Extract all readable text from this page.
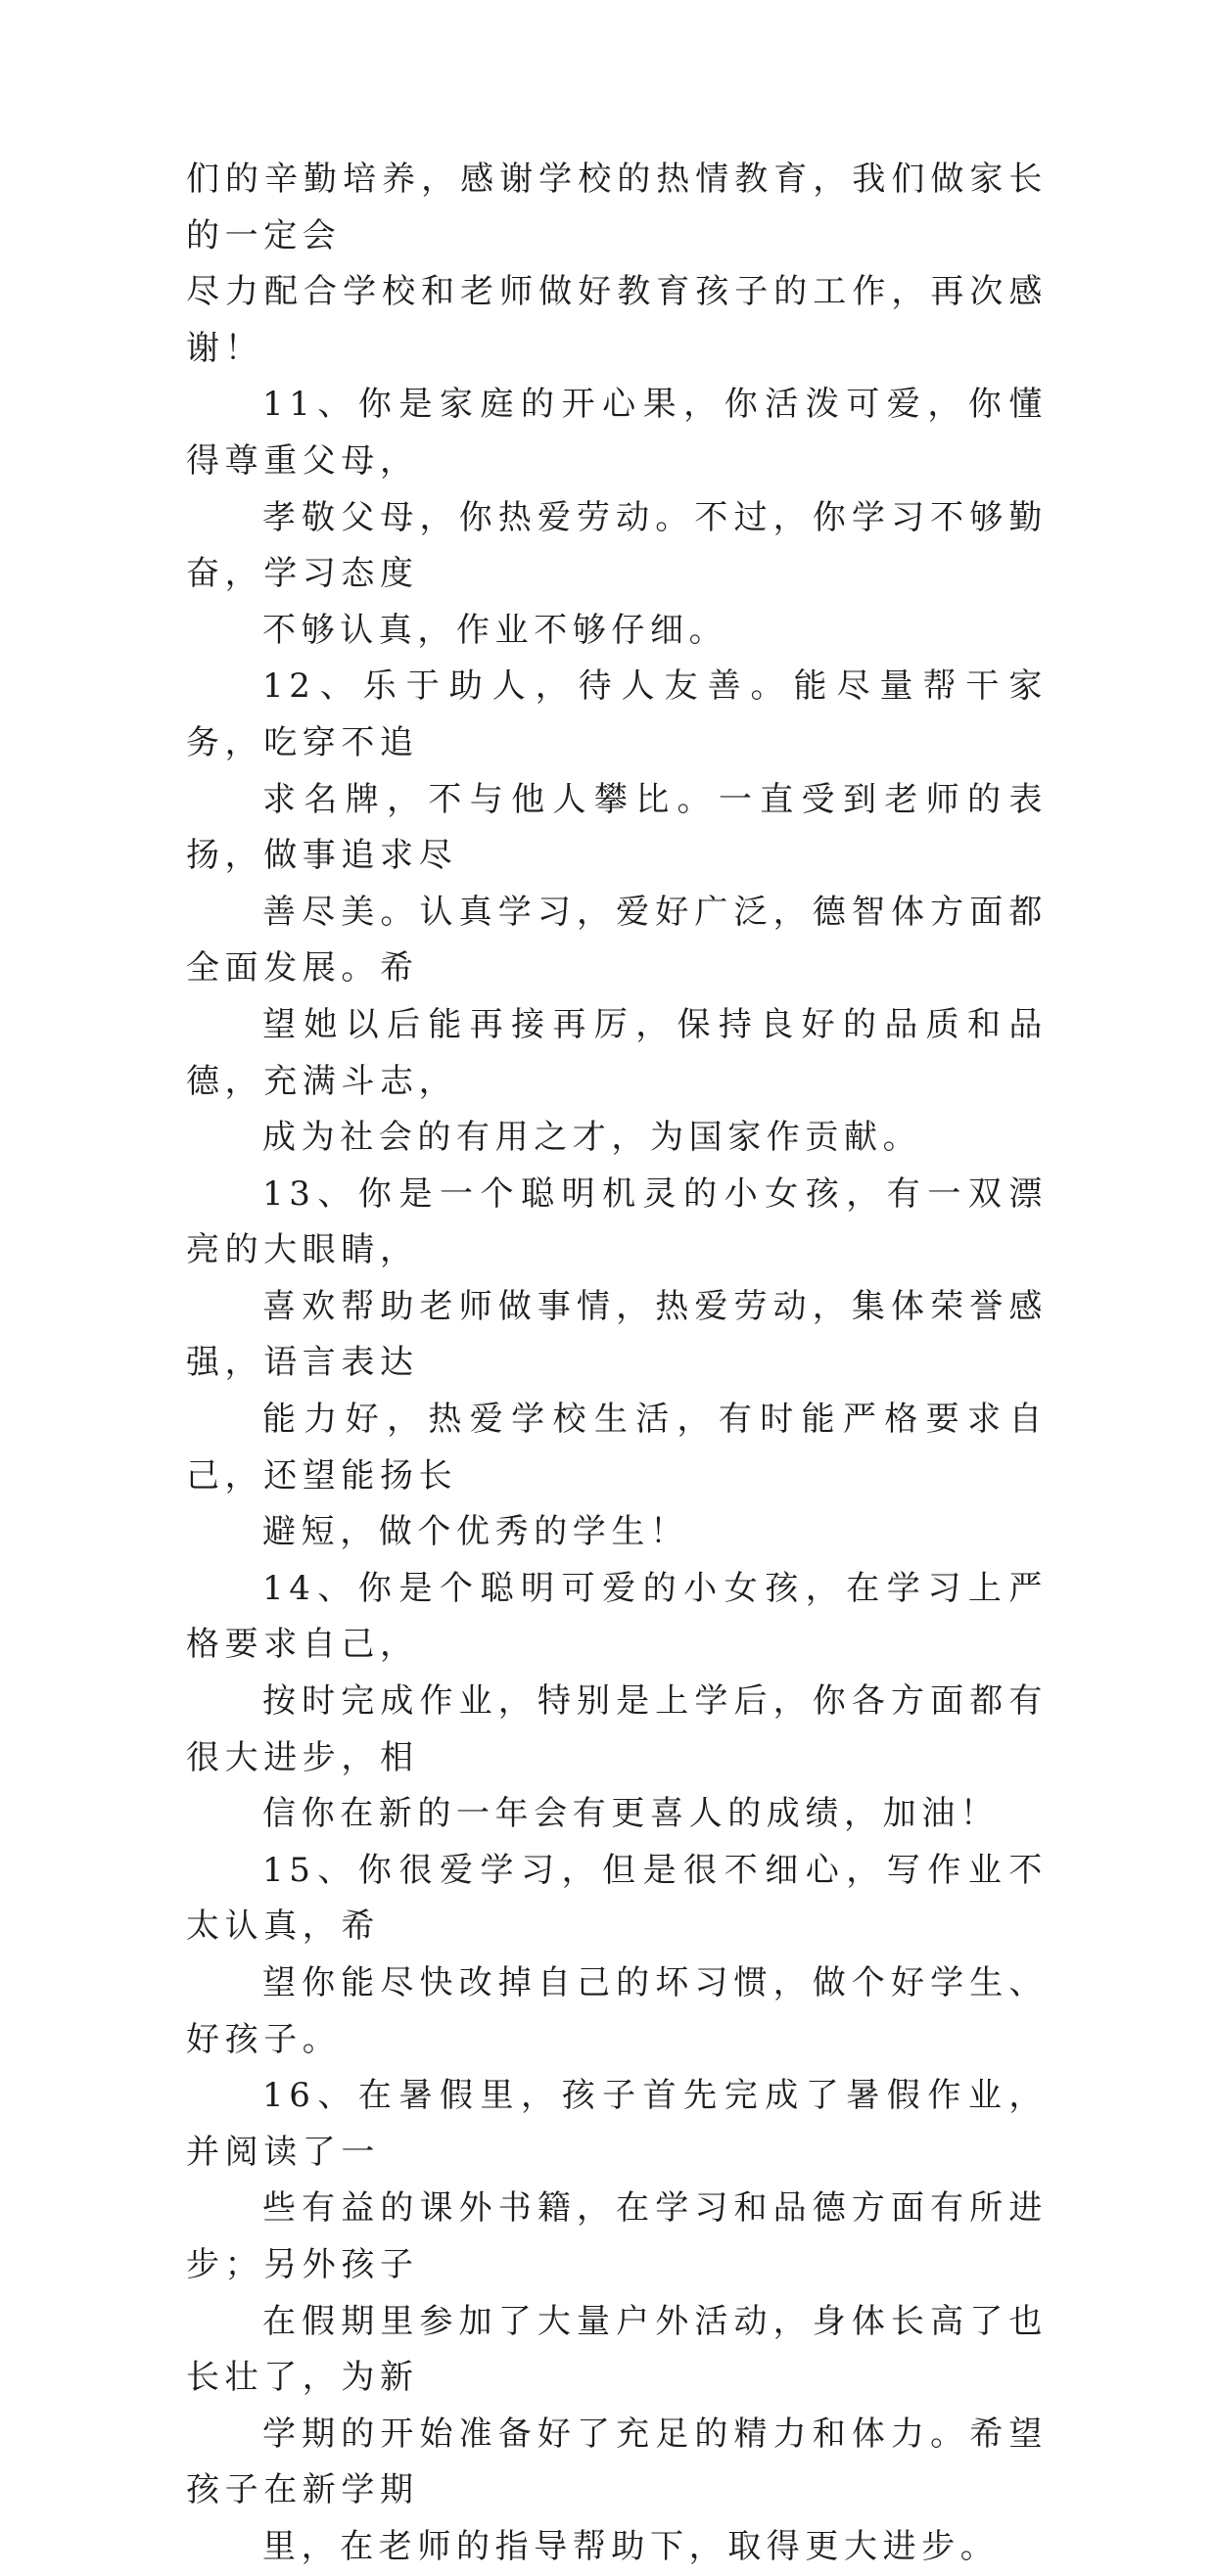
们的辛勤培养，感谢学校的热情教育，我们做家长的一定会
尽力配合学校和老师做好教育孩子的工作，再次感谢！

11、你是家庭的开心果，你活泼可爱，你懂得尊重父母，
孝敬父母，你热爱劳动。不过，你学习不够勤奋，学习态度
不够认真，作业不够仔细。

12、乐于助人，待人友善。能尽量帮干家务，吃穿不追
求名牌，不与他人攀比。一直受到老师的表扬，做事追求尽
善尽美。认真学习，爱好广泛，德智体方面都全面发展。希
望她以后能再接再厉，保持良好的品质和品德，充满斗志，
成为社会的有用之才，为国家作贡献。

13、你是一个聪明机灵的小女孩，有一双漂亮的大眼睛，
喜欢帮助老师做事情，热爱劳动，集体荣誉感强，语言表达
能力好，热爱学校生活，有时能严格要求自己，还望能扬长
避短，做个优秀的学生！

14、你是个聪明可爱的小女孩，在学习上严格要求自己，
按时完成作业，特别是上学后，你各方面都有很大进步，相
信你在新的一年会有更喜人的成绩，加油！

15、你很爱学习，但是很不细心，写作业不太认真，希
望你能尽快改掉自己的坏习惯，做个好学生、好孩子。

16、在暑假里，孩子首先完成了暑假作业，并阅读了一
些有益的课外书籍，在学习和品德方面有所进步；另外孩子
在假期里参加了大量户外活动，身体长高了也长壮了，为新
学期的开始准备好了充足的精力和体力。希望孩子在新学期
里，在老师的指导帮助下，取得更大进步。
